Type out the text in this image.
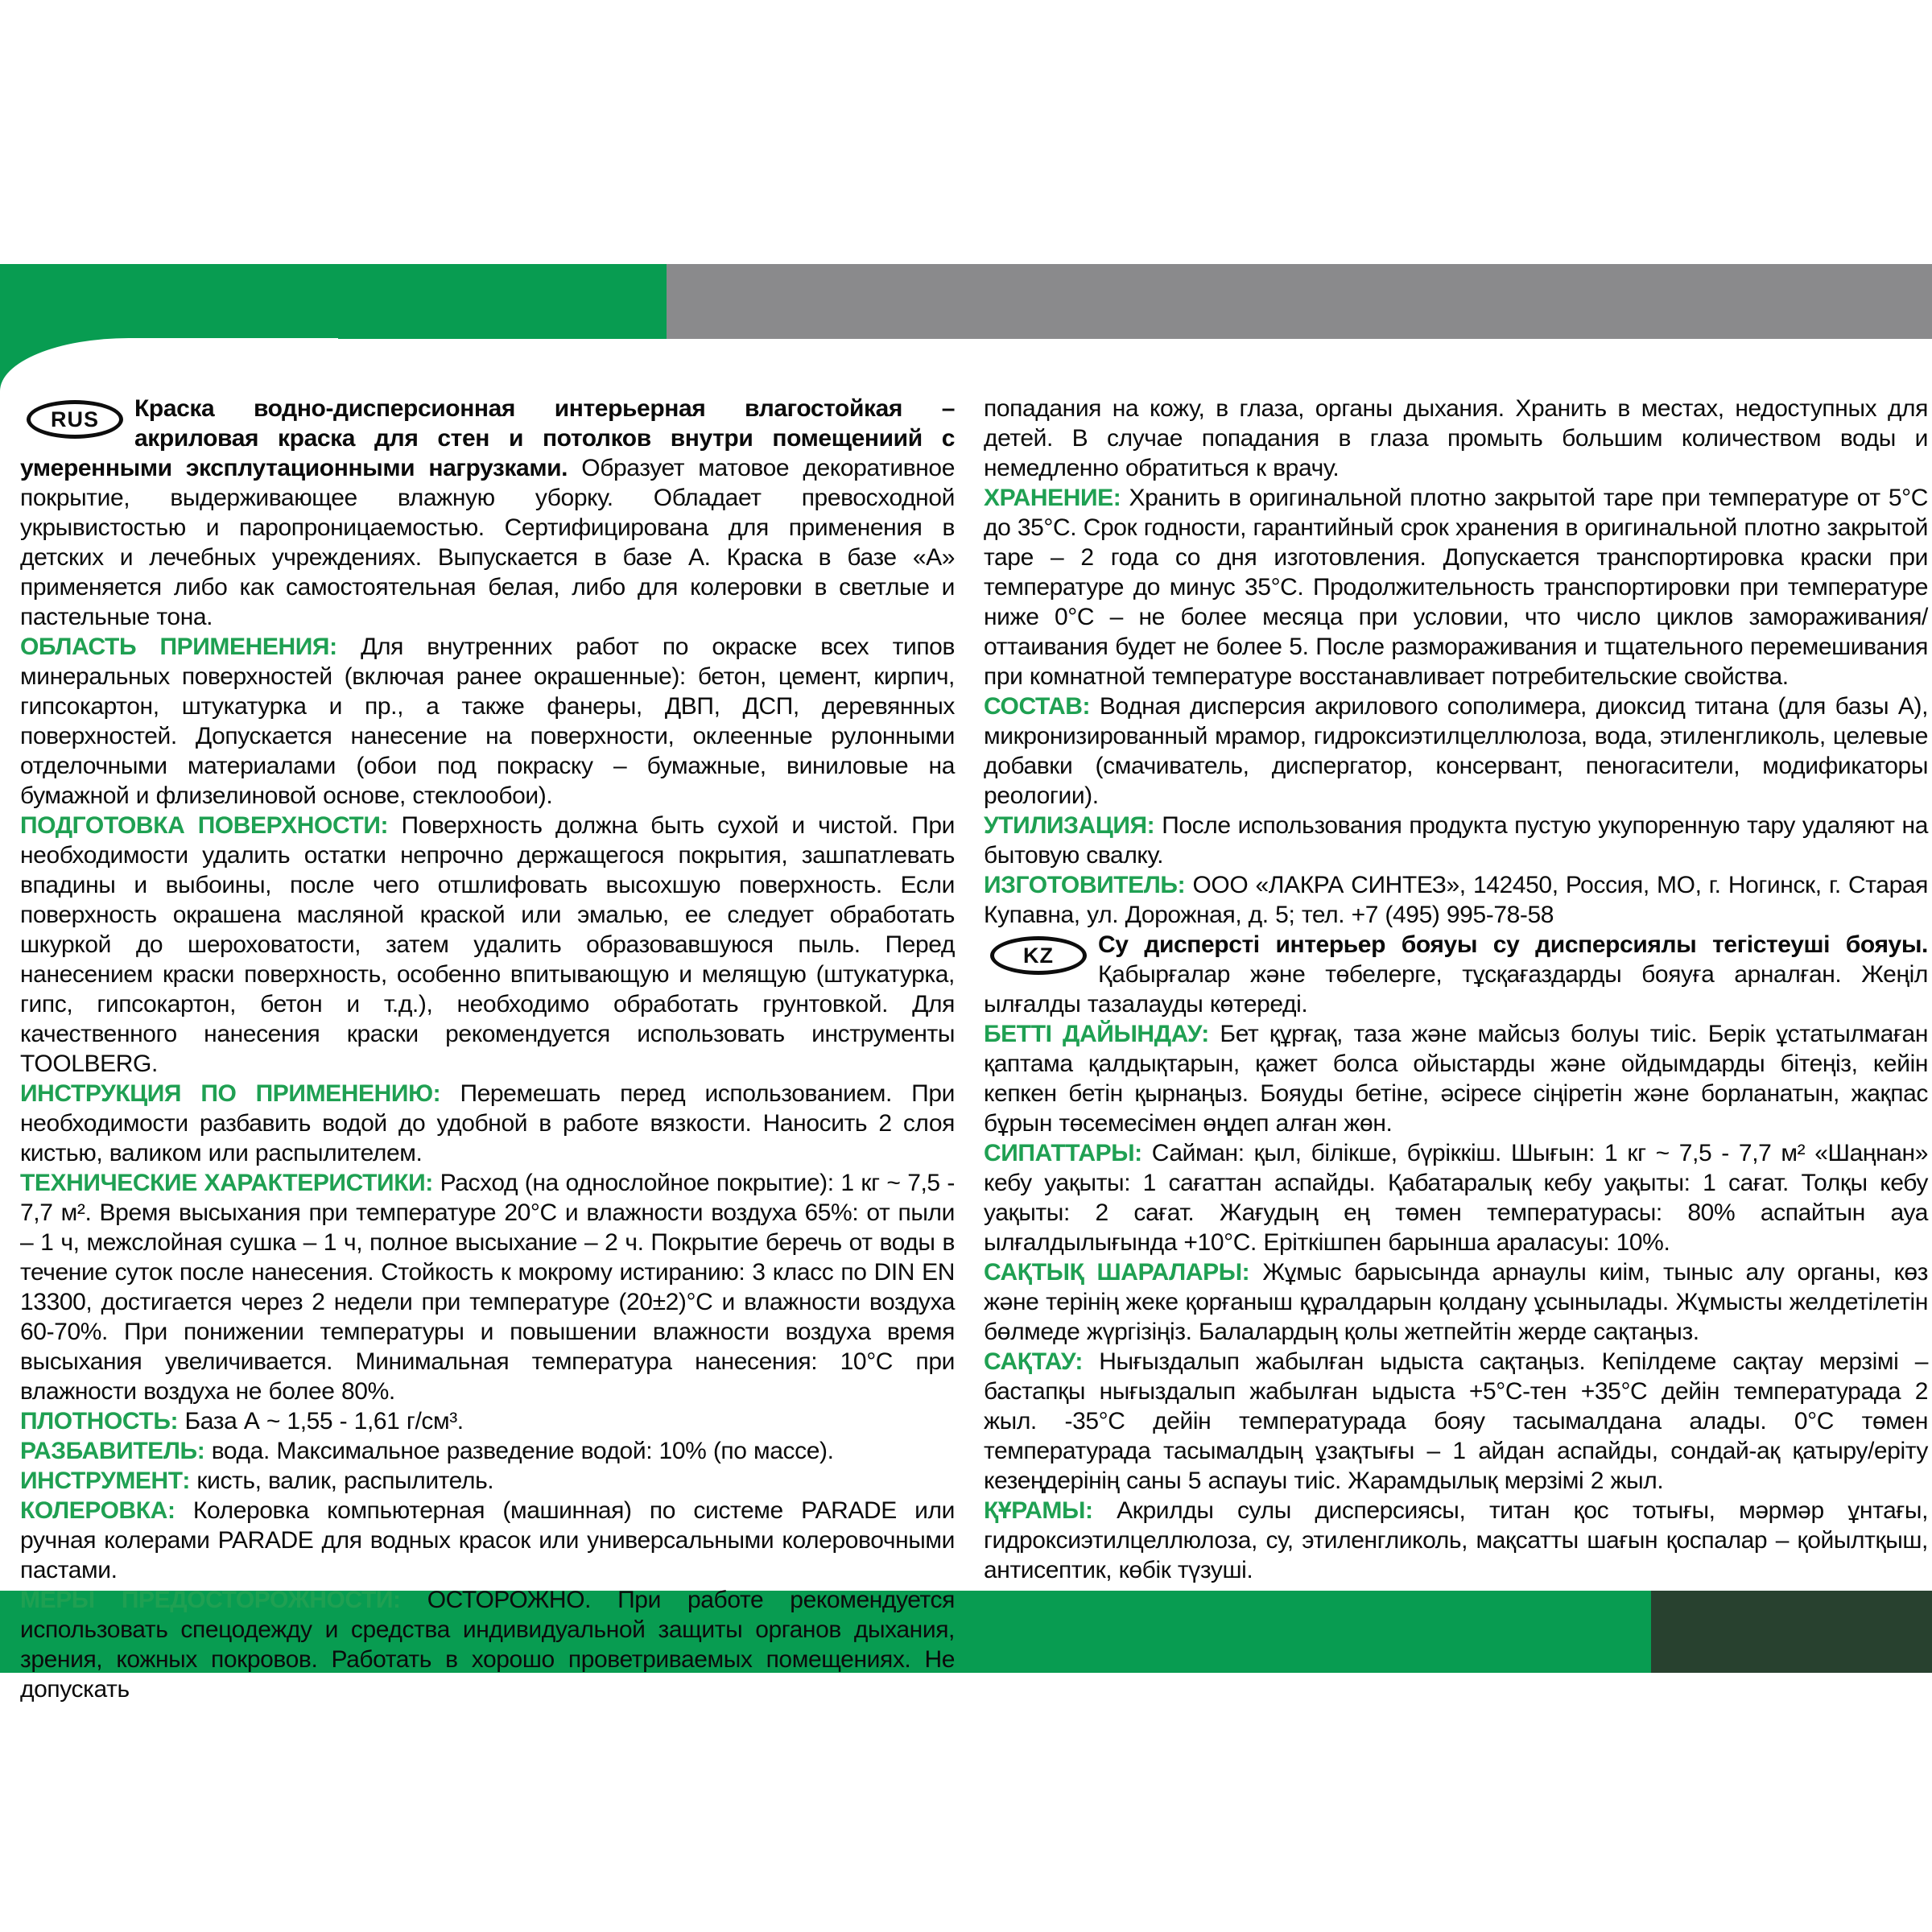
RUS	Краска водно-дисперсионная интерьерная влагостойкая – акриловая краска для стен и потолков внутри помещениий с умеренными эксплутационными нагрузками. Образует матовое декоративное покрытие, выдерживающее влажную уборку. Обладает превосходной укрывистостью и паропроницаемостью. Сертифицирована для применения в детских и лечебных учреждениях. Выпускается в базе А. Краска в базе «А» применяется либо как самостоятельная белая, либо для колеровки в светлые и пастельные тона.

ОБЛАСТЬ ПРИМЕНЕНИЯ: Для внутренних работ по окраске всех типов минеральных поверхностей (включая ранее окрашенные): бетон, цемент, кирпич, гипсокартон, штукатурка и пр., а также фанеры, ДВП, ДСП, деревянных поверхностей. Допускается нанесение на поверхности, оклеенные рулонными отделочными материалами (обои под покраску – бумажные, виниловые на бумажной и флизелиновой основе, стеклообои).

ПОДГОТОВКА ПОВЕРХНОСТИ: Поверхность должна быть сухой и чистой. При необходимости удалить остатки непрочно держащегося покрытия, зашпатлевать впадины и выбоины, после чего отшлифовать высохшую поверхность. Если поверхность окрашена масляной краской или эмалью, ее следует обработать шкуркой до шероховатости, затем удалить образовавшуюся пыль. Перед нанесением краски поверхность, особенно впитывающую и мелящую (штукатурка, гипс, гипсокартон, бетон и т.д.), необходимо обработать грунтовкой. Для качественного нанесения краски рекомендуется использовать инструменты TOOLBERG.

ИНСТРУКЦИЯ ПО ПРИМЕНЕНИЮ: Перемешать перед использованием. При необходимости разбавить водой до удобной в работе вязкости. Наносить 2 слоя кистью, валиком или распылителем.

ТЕХНИЧЕСКИЕ ХАРАКТЕРИСТИКИ: Расход (на однослойное покрытие): 1 кг ~ 7,5 - 7,7 м². Время высыхания при температуре 20°С и влажности воздуха 65%: от пыли – 1 ч, межслойная сушка – 1 ч, полное высыхание – 2 ч. Покрытие беречь от воды в течение суток после нанесения. Стойкость к мокрому истиранию: 3 класс по DIN EN 13300, достигается через 2 недели при температуре (20±2)°С и влажности воздуха 60-70%. При понижении температуры и повышении влажности воздуха время высыхания увеличивается. Минимальная температура нанесения: 10°С при влажности воздуха не более 80%.

ПЛОТНОСТЬ: База А ~ 1,55 - 1,61 г/см³.

РАЗБАВИТЕЛЬ: вода. Максимальное разведение водой: 10% (по массе).

ИНСТРУМЕНТ: кисть, валик, распылитель.

КОЛЕРОВКА: Колеровка компьютерная (машинная) по системе PARADE или ручная колерами PARADE для водных красок или универсальными колеровочными пастами.

МЕРЫ ПРЕДОСТОРОЖНОСТИ: ОСТОРОЖНО. При работе рекомендуется использовать спецодежду и средства индивидуальной защиты органов дыхания, зрения, кожных покровов. Работать в хорошо проветриваемых помещениях. Не допускать

попадания на кожу, в глаза, органы дыхания. Хранить в местах, недоступных для детей. В случае попадания в глаза промыть большим количеством воды и немедленно обратиться к врачу.

ХРАНЕНИЕ: Хранить в оригинальной плотно закрытой таре при температуре от 5°С до 35°С. Срок годности, гарантийный срок хранения в оригинальной плотно закрытой таре – 2 года со дня изготовления. Допускается транспортировка краски при температуре до минус 35°С. Продолжительность транспортировки при температуре ниже 0°С – не более месяца при условии, что число циклов замораживания/оттаивания будет не более 5. После размораживания и тщательного перемешивания при комнатной температуре восстанавливает потребительские свойства.

СОСТАВ: Водная дисперсия акрилового сополимера, диоксид титана (для базы А), микронизированный мрамор, гидроксиэтилцеллюлоза, вода, этиленгликоль, целевые добавки (смачиватель, диспергатор, консервант, пеногасители, модификаторы реологии).

УТИЛИЗАЦИЯ: После использования продукта пустую укупоренную тару удаляют на бытовую свалку.

ИЗГОТОВИТЕЛЬ: ООО «ЛАКРА СИНТЕЗ», 142450, Россия, МО, г. Ногинск, г. Старая Купавна, ул. Дорожная, д. 5; тел. +7 (495) 995-78-58

KZ	Су дисперсті интерьер бояуы су дисперсиялы тегістеуші бояуы. Қабырғалар және төбелерге, тұсқағаздарды бояуға арналған. Жеңіл ылғалды тазалауды көтереді.

БЕТТІ ДАЙЫНДАУ: Бет құрғақ, таза және майсыз болуы тиіс. Берік ұстатылмаған қаптама қалдықтарын, қажет болса ойыстарды және ойдымдарды бітеңіз, кейін кепкен бетін қырнаңыз. Бояуды бетіне, әсіресе сіңіретін және борланатын, жақпас бұрын төсемесімен өңдеп алған жөн.

СИПАТТАРЫ: Сайман: қыл, білікше, бүріккіш. Шығын: 1 кг ~ 7,5 - 7,7 м² «Шаңнан» кебу уақыты: 1 сағаттан аспайды. Қабатаралық кебу уақыты: 1 сағат. Толқы кебу уақыты: 2 сағат. Жағудың ең төмен температурасы: 80% аспайтын ауа ылғалдылығында +10°С. Еріткішпен барынша араласуы: 10%.

САҚТЫҚ ШАРАЛАРЫ: Жұмыс барысында арнаулы киім, тыныс алу органы, көз және терінің жеке қорғаныш құралдарын қолдану ұсынылады. Жұмысты желдетілетін бөлмеде жүргізіңіз. Балалардың қолы жетпейтін жерде сақтаңыз.

САҚТАУ: Нығыздалып жабылған ыдыста сақтаңыз. Кепілдеме сақтау мерзімі – бастапқы нығыздалып жабылған ыдыста +5°С-тен +35°С дейін температурада 2 жыл. -35°С дейін температурада бояу тасымалдана алады. 0°С төмен температурада тасымалдың ұзақтығы – 1 айдан аспайды, сондай-ақ қатыру/еріту кезеңдерінің саны 5 аспауы тиіс. Жарамдылық мерзімі 2 жыл.

ҚҰРАМЫ: Акрилды сулы дисперсиясы, титан қос тотығы, мәрмәр ұнтағы, гидроксиэтилцеллюлоза, су, этиленгликоль, мақсатты шағын қоспалар – қойылтқыш, антисептик, көбік түзуші.
